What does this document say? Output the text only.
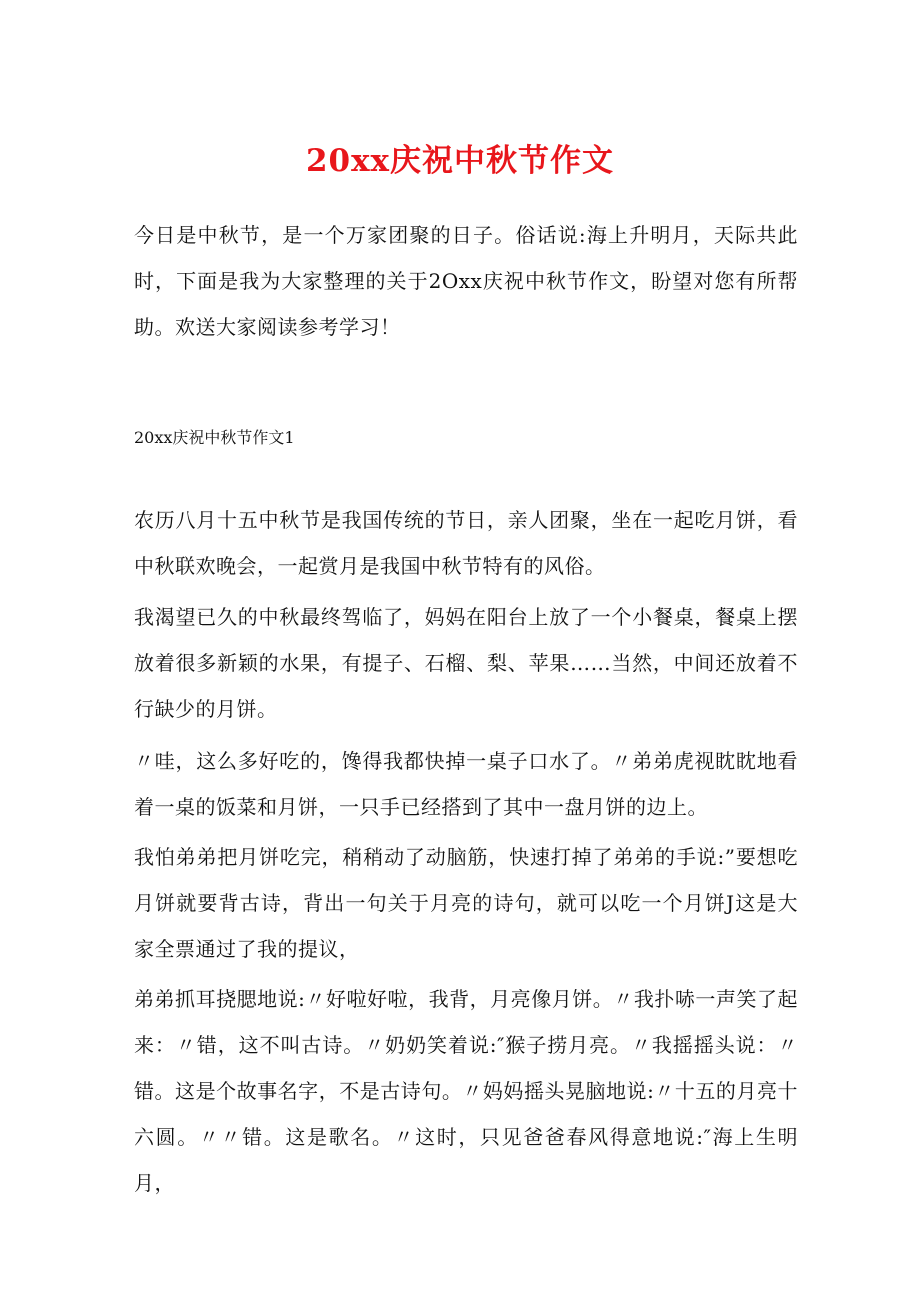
20xx庆祝中秋节作文

今日是中秋节，是一个万家团聚的日子。俗话说:海上升明月，天际共此时，下面是我为大家整理的关于2Oxx庆祝中秋节作文，盼望对您有所帮助。欢送大家阅读参考学习！

20xx庆祝中秋节作文1

农历八月十五中秋节是我国传统的节日，亲人团聚，坐在一起吃月饼，看中秋联欢晚会，一起赏月是我国中秋节特有的风俗。

我渴望已久的中秋最终驾临了，妈妈在阳台上放了一个小餐桌，餐桌上摆放着很多新颖的水果，有提子、石榴、梨、苹果……当然，中间还放着不行缺少的月饼。

〃哇，这么多好吃的，馋得我都快掉一桌子口水了。〃弟弟虎视眈眈地看着一桌的饭菜和月饼，一只手已经搭到了其中一盘月饼的边上。

我怕弟弟把月饼吃完，稍稍动了动脑筋，快速打掉了弟弟的手说:”要想吃月饼就要背古诗，背出一句关于月亮的诗句，就可以吃一个月饼J这是大家全票通过了我的提议，

弟弟抓耳挠腮地说:〃好啦好啦，我背，月亮像月饼。〃我扑哧一声笑了起来：〃错，这不叫古诗。〃奶奶笑着说:″猴子捞月亮。〃我摇摇头说：〃错。这是个故事名字，不是古诗句。〃妈妈摇头晃脑地说:〃十五的月亮十六圆。〃〃错。这是歌名。〃这时，只见爸爸春风得意地说:″海上生明月，
